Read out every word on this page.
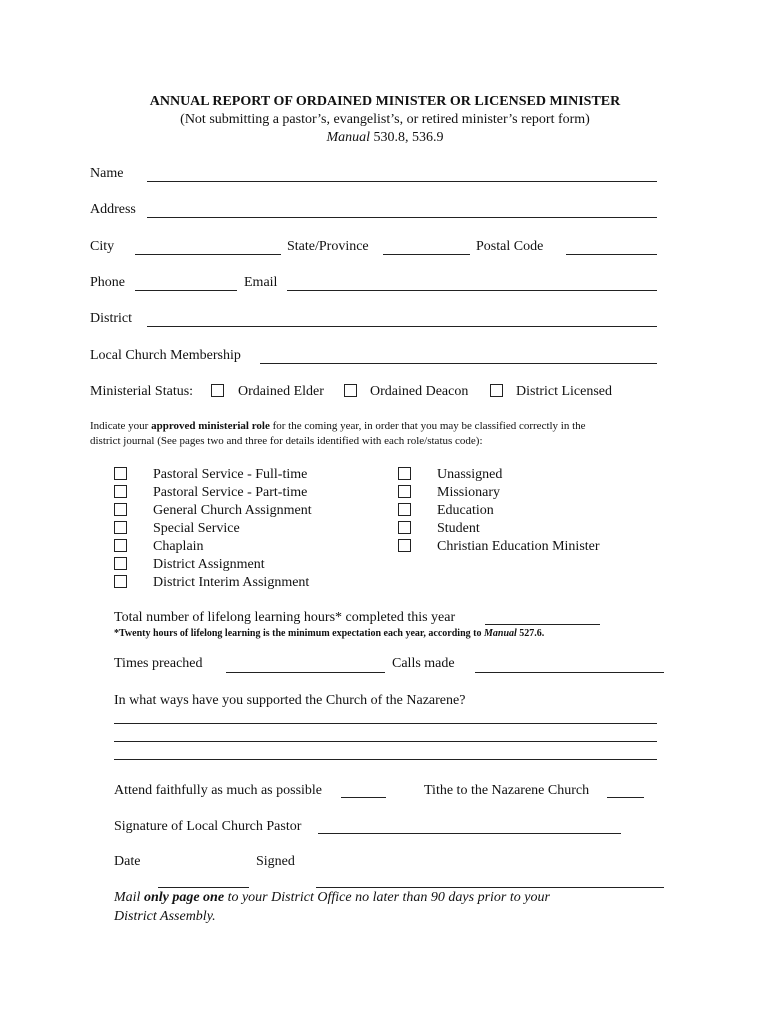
ANNUAL REPORT OF ORDAINED MINISTER OR LICENSED MINISTER
(Not submitting a pastor’s, evangelist’s, or retired minister’s report form)
Manual 530.8, 536.9
Name
Address
City	State/Province	Postal Code
Phone	Email
District
Local Church Membership
Ministerial Status:	Ordained Elder	Ordained Deacon	District Licensed
Indicate your approved ministerial role for the coming year, in order that you may be classified correctly in the
district journal (See pages two and three for details identified with each role/status code):
Pastoral Service - Full-time
Pastoral Service - Part-time
General Church Assignment
Special Service
Chaplain
District Assignment
District Interim Assignment
Unassigned
Missionary
Education
Student
Christian Education Minister
Total number of lifelong learning hours* completed this year
*Twenty hours of lifelong learning is the minimum expectation each year, according to Manual 527.6.
Times preached	Calls made
In what ways have you supported the Church of the Nazarene?
Attend faithfully as much as possible	Tithe to the Nazarene Church
Signature of Local Church Pastor
Date	Signed
Mail only page one to your District Office no later than 90 days prior to your
District Assembly.
